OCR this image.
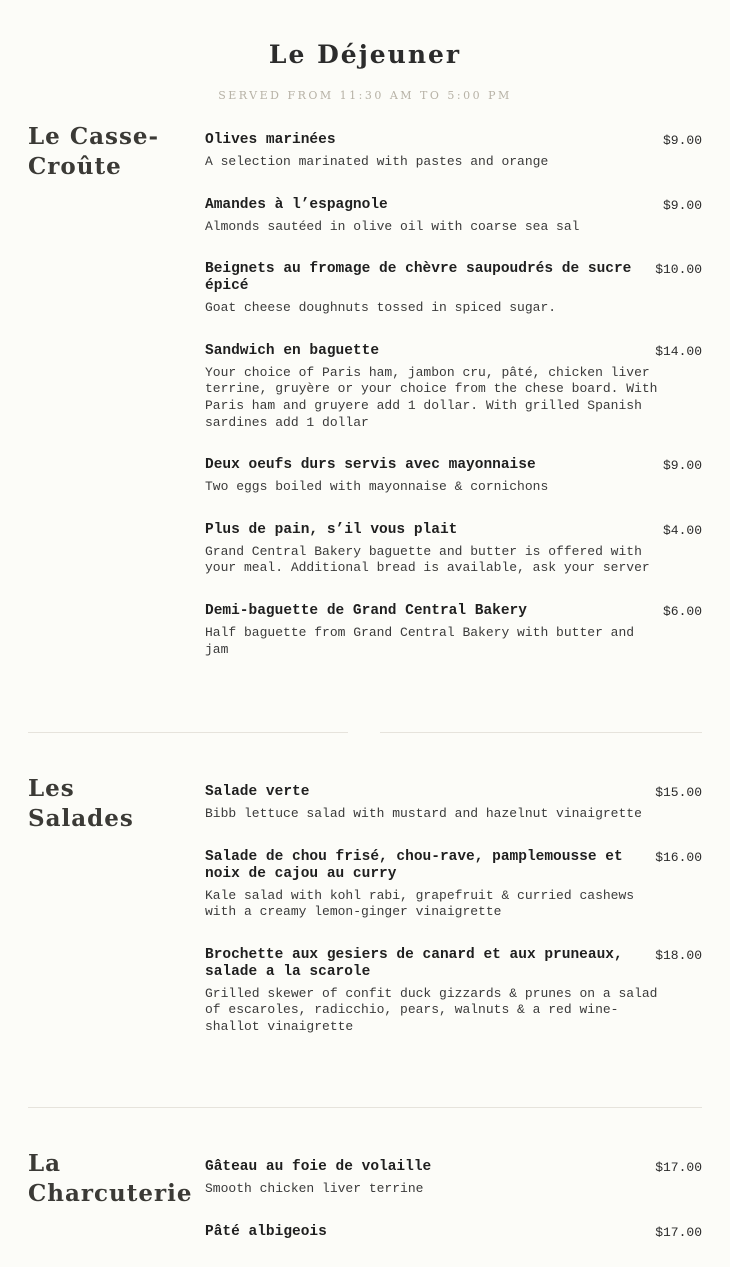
Le Déjeuner

SERVED FROM 11:30 AM TO 5:00 PM

Le Casse-
Croûte

Olives marinées	$9.00

A selection marinated with pastes and orange

Amandes à l’espagnole	$9.00

Almonds sautéed in olive oil with coarse sea sal

Beignets au fromage de chèvre saupoudrés de sucre épicé

$10.00

Goat cheese doughnuts tossed in spiced sugar.

Sandwich en baguette	$14.00

Your choice of Paris ham, jambon cru, pâté, chicken liver terrine, gruyère or your choice from the chese board. With Paris ham and gruyere add 1 dollar. With grilled Spanish sardines add 1 dollar

Deux oeufs durs servis avec mayonnaise	$9.00

Two eggs boiled with mayonnaise & cornichons

Plus de pain, s’il vous plait	$4.00

Grand Central Bakery baguette and butter is offered with your meal. Additional bread is available, ask your server

Demi-baguette de Grand Central Bakery	$6.00

Half baguette from Grand Central Bakery with butter and jam

Les
Salades

Salade verte	$15.00

Bibb lettuce salad with mustard and hazelnut vinaigrette

Salade de chou frisé, chou-rave, pamplemousse et noix de cajou au curry

$16.00

Kale salad with kohl rabi, grapefruit & curried cashews with a creamy lemon-ginger vinaigrette

Brochette aux gesiers de canard et aux pruneaux, salade a la scarole

$18.00

Grilled skewer of confit duck gizzards & prunes on a salad of escaroles, radicchio, pears, walnuts & a red wine-shallot vinaigrette

La
Charcuterie

Gâteau au foie de volaille	$17.00

Smooth chicken liver terrine

Pâté albigeois	$17.00
